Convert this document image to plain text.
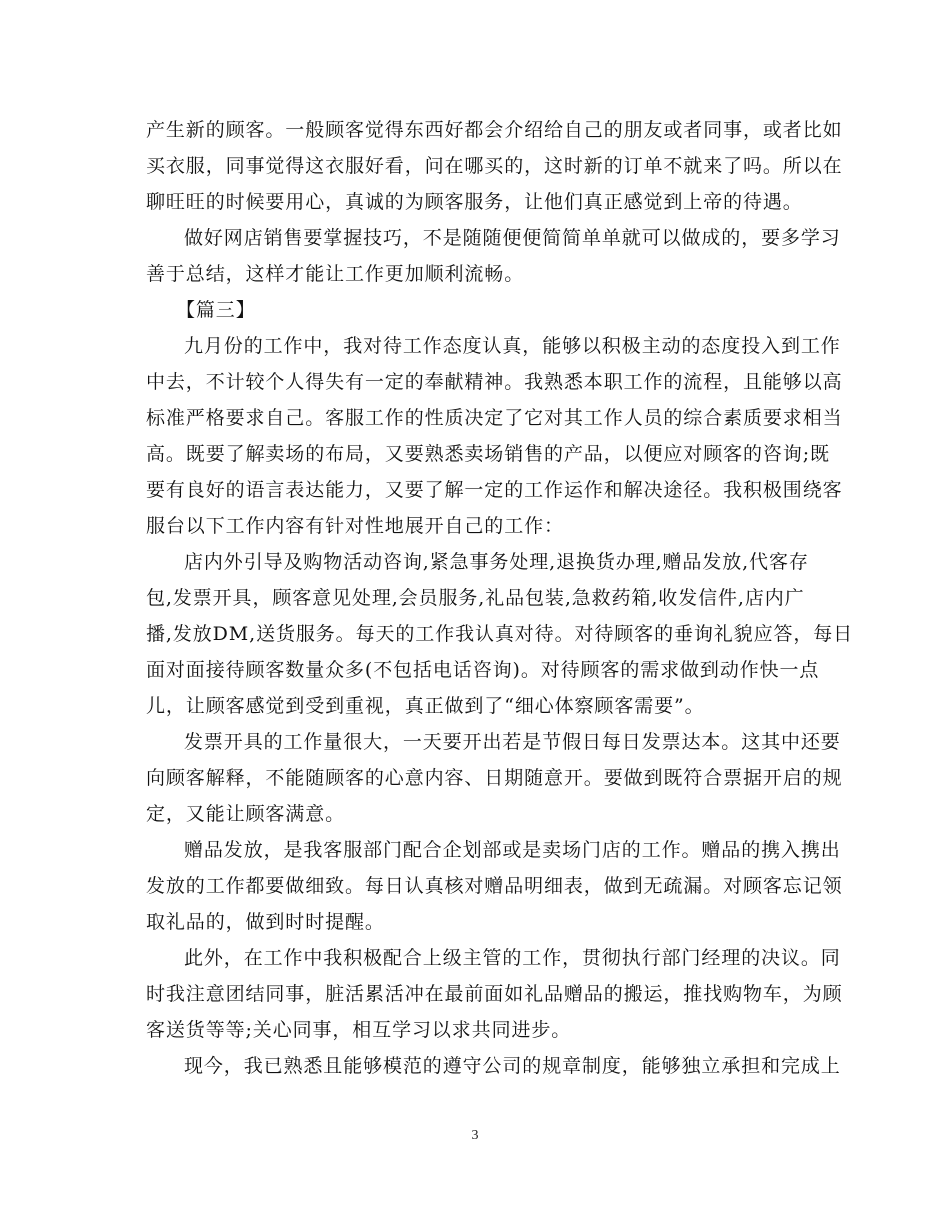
产生新的顾客。一般顾客觉得东西好都会介绍给自己的朋友或者同事，或者比如
买衣服，同事觉得这衣服好看，问在哪买的，这时新的订单不就来了吗。所以在
聊旺旺的时候要用心，真诚的为顾客服务，让他们真正感觉到上帝的待遇。
做好网店销售要掌握技巧，不是随随便便简简单单就可以做成的，要多学习
善于总结，这样才能让工作更加顺利流畅。
【篇三】
九月份的工作中，我对待工作态度认真，能够以积极主动的态度投入到工作
中去，不计较个人得失有一定的奉献精神。我熟悉本职工作的流程，且能够以高
标准严格要求自己。客服工作的性质决定了它对其工作人员的综合素质要求相当
高。既要了解卖场的布局，又要熟悉卖场销售的产品，以便应对顾客的咨询;既
要有良好的语言表达能力，又要了解一定的工作运作和解决途径。我积极围绕客
服台以下工作内容有针对性地展开自己的工作：
店内外引导及购物活动咨询,紧急事务处理,退换货办理,赠品发放,代客存
包,发票开具，顾客意见处理,会员服务,礼品包装,急救药箱,收发信件,店内广
播,发放DM,送货服务。每天的工作我认真对待。对待顾客的垂询礼貌应答，每日
面对面接待顾客数量众多(不包括电话咨询)。对待顾客的需求做到动作快一点
儿，让顾客感觉到受到重视，真正做到了“细心体察顾客需要”。
发票开具的工作量很大，一天要开出若是节假日每日发票达本。这其中还要
向顾客解释，不能随顾客的心意内容、日期随意开。要做到既符合票据开启的规
定，又能让顾客满意。
赠品发放，是我客服部门配合企划部或是卖场门店的工作。赠品的携入携出
发放的工作都要做细致。每日认真核对赠品明细表，做到无疏漏。对顾客忘记领
取礼品的，做到时时提醒。
此外，在工作中我积极配合上级主管的工作，贯彻执行部门经理的决议。同
时我注意团结同事，脏活累活冲在最前面如礼品赠品的搬运，推找购物车，为顾
客送货等等;关心同事，相互学习以求共同进步。
现今，我已熟悉且能够模范的遵守公司的规章制度，能够独立承担和完成上
3
